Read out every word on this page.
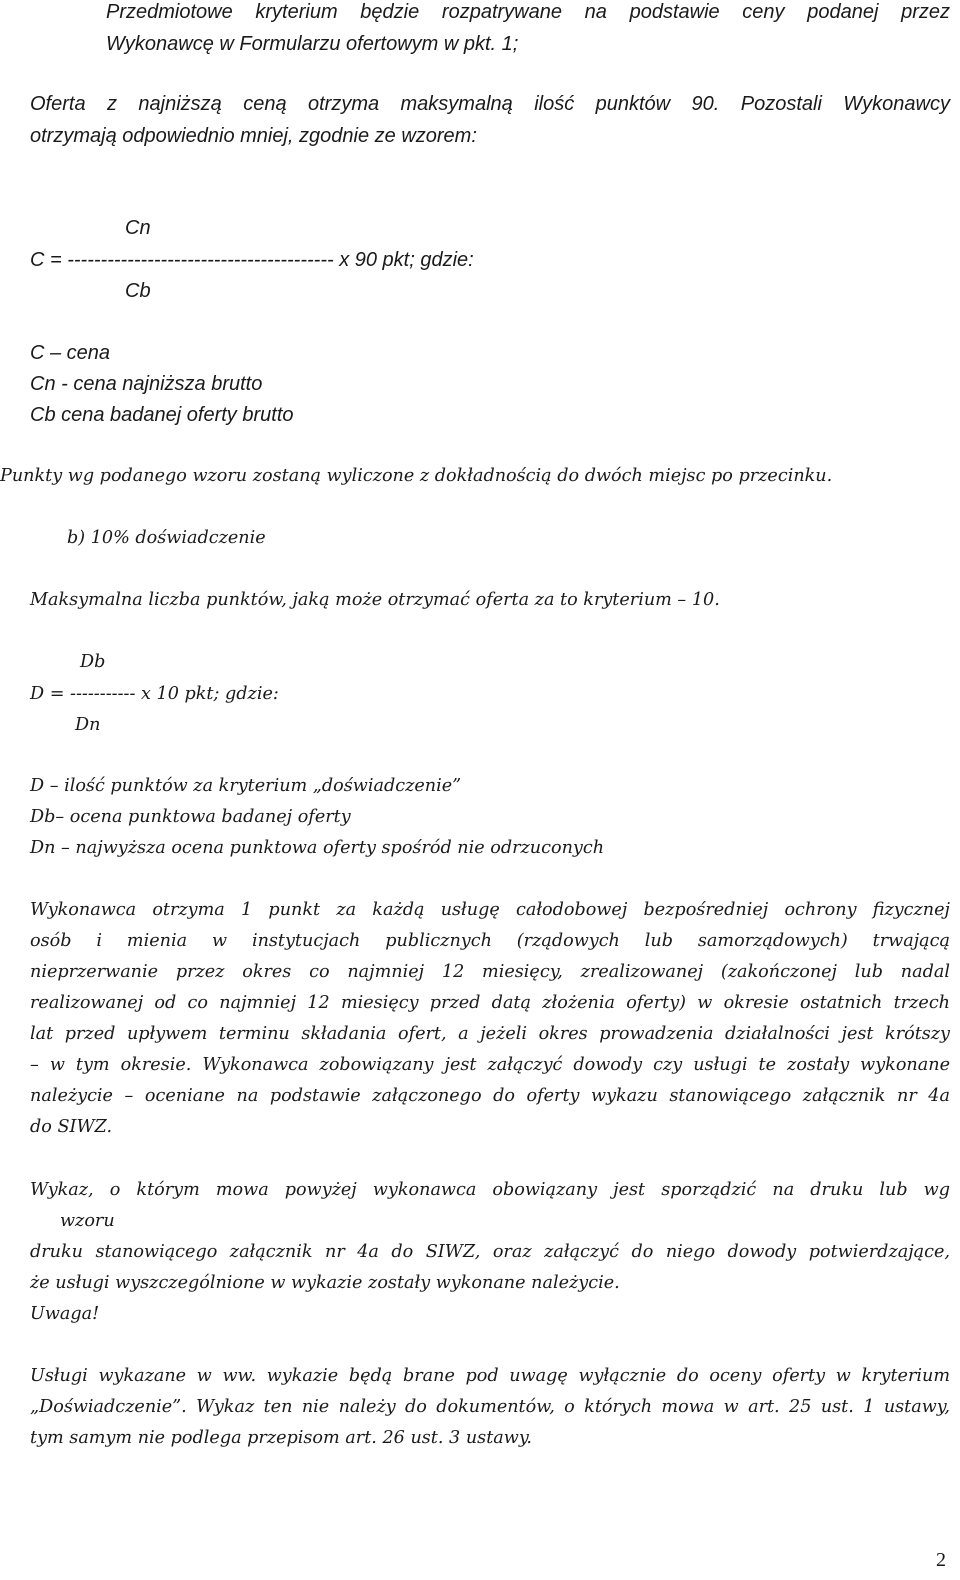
Przedmiotowe kryterium będzie rozpatrywane na podstawie ceny podanej przez
Wykonawcę w Formularzu ofertowym w pkt. 1;
Oferta z najniższą ceną otrzyma maksymalną ilość punktów 90. Pozostali Wykonawcy
otrzymają odpowiednio mniej, zgodnie ze wzorem:
Cn
C = ---------------------------------------- x 90 pkt; gdzie:
Cb
C – cena
Cn - cena najniższa brutto
Cb cena badanej oferty brutto
Punkty wg podanego wzoru zostaną wyliczone z dokładnością do dwóch miejsc po przecinku.
b) 10% doświadczenie
Maksymalna liczba punktów, jaką może otrzymać oferta za to kryterium – 10.
Db
D = ----------- x 10 pkt; gdzie:
Dn
D – ilość punktów za kryterium „doświadczenie”
Db– ocena punktowa badanej oferty
Dn – najwyższa ocena punktowa oferty spośród nie odrzuconych
Wykonawca otrzyma 1 punkt za każdą usługę całodobowej bezpośredniej ochrony fizycznej
osób i mienia w instytucjach publicznych (rządowych lub samorządowych) trwającą
nieprzerwanie przez okres co najmniej 12 miesięcy, zrealizowanej (zakończonej lub nadal
realizowanej od co najmniej 12 miesięcy przed datą złożenia oferty) w okresie ostatnich trzech
lat przed upływem terminu składania ofert, a jeżeli okres prowadzenia działalności jest krótszy
– w tym okresie. Wykonawca zobowiązany jest załączyć dowody czy usługi te zostały wykonane
należycie – oceniane na podstawie załączonego do oferty wykazu stanowiącego załącznik nr 4a
do SIWZ.
Wykaz, o którym mowa powyżej wykonawca obowiązany jest sporządzić na druku lub wg
wzoru
druku stanowiącego załącznik nr 4a do SIWZ, oraz załączyć do niego dowody potwierdzające,
że usługi wyszczególnione w wykazie zostały wykonane należycie.
Uwaga!
Usługi wykazane w ww. wykazie będą brane pod uwagę wyłącznie do oceny oferty w kryterium
„Doświadczenie”. Wykaz ten nie należy do dokumentów, o których mowa w art. 25 ust. 1 ustawy,
tym samym nie podlega przepisom art. 26 ust. 3 ustawy.
2
